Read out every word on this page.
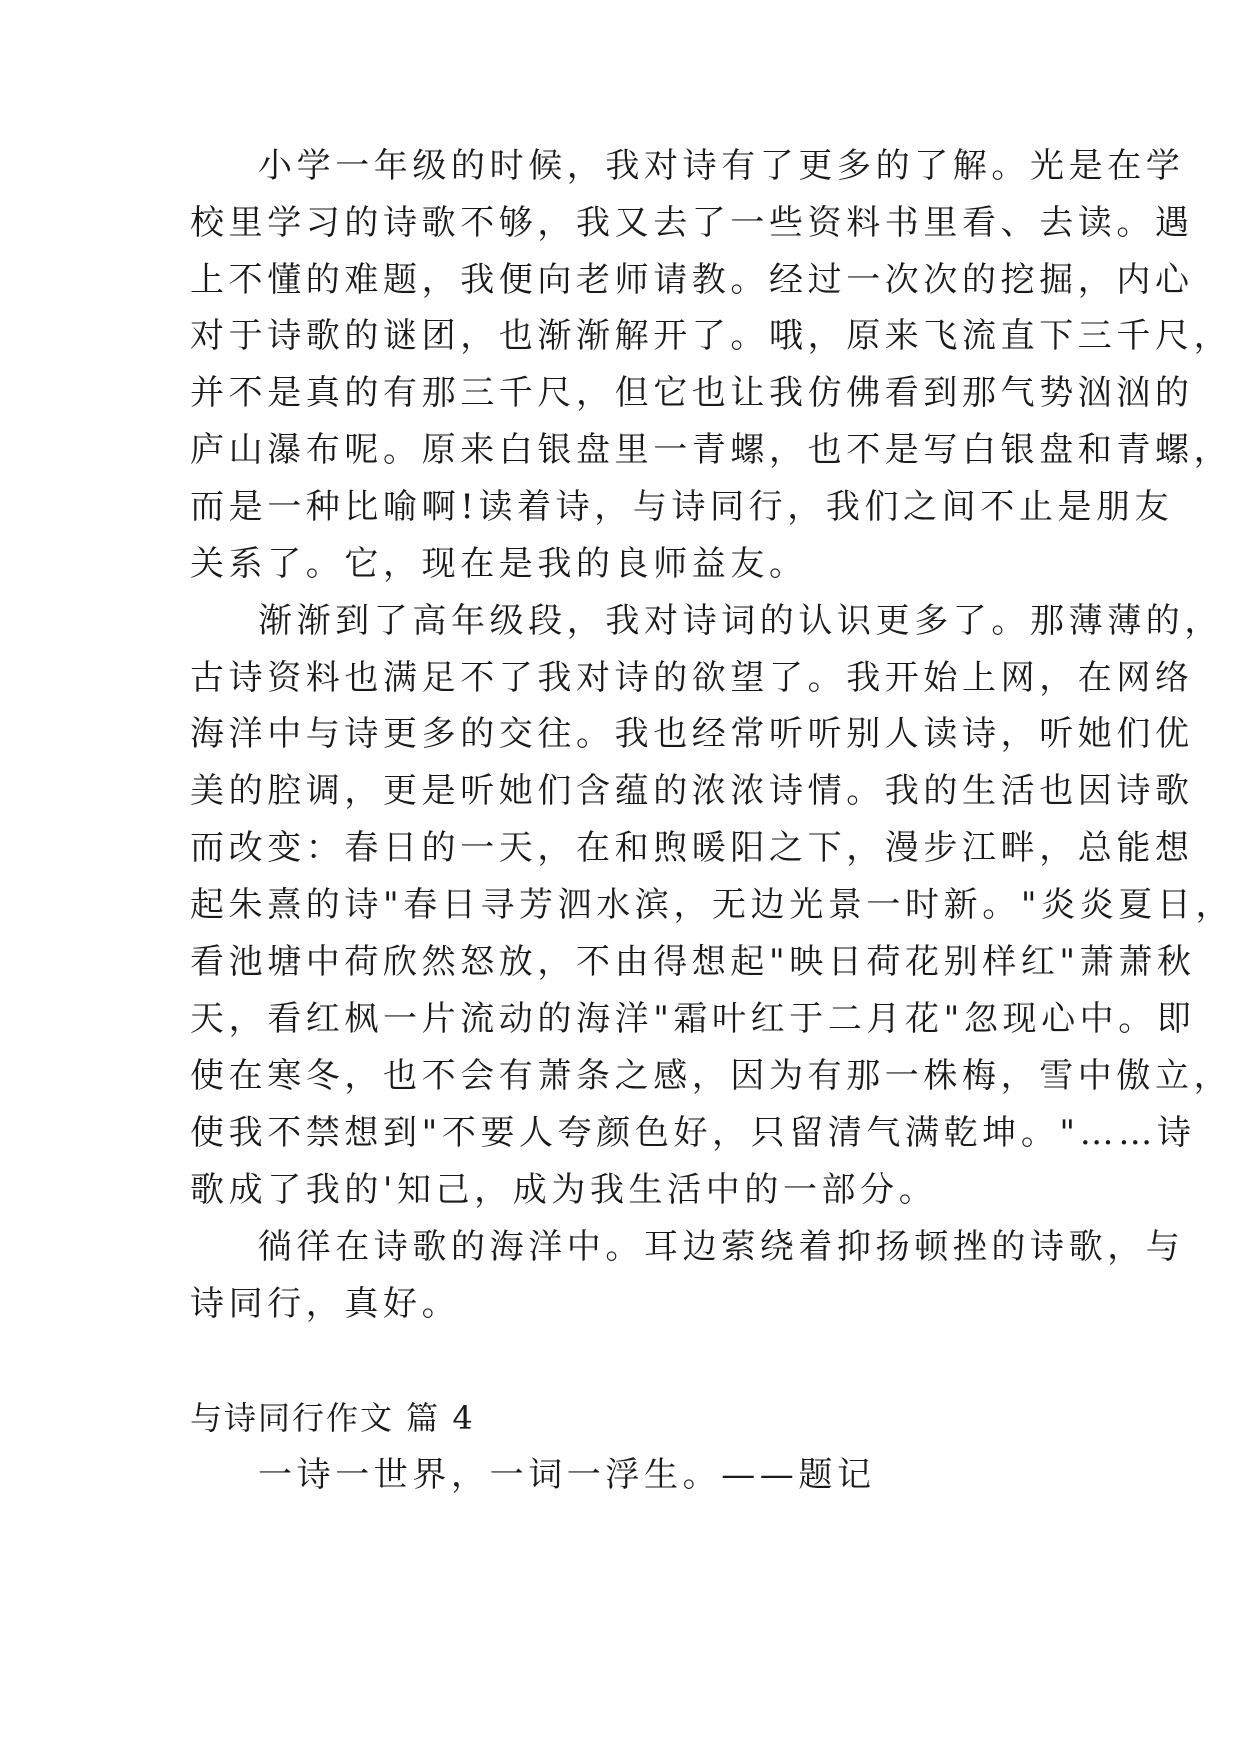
小学一年级的时候，我对诗有了更多的了解。光是在学
校里学习的诗歌不够，我又去了一些资料书里看、去读。遇
上不懂的难题，我便向老师请教。经过一次次的挖掘，内心
对于诗歌的谜团，也渐渐解开了。哦，原来飞流直下三千尺，
并不是真的有那三千尺，但它也让我仿佛看到那气势汹汹的
庐山瀑布呢。原来白银盘里一青螺，也不是写白银盘和青螺，
而是一种比喻啊!读着诗，与诗同行，我们之间不止是朋友
关系了。它，现在是我的良师益友。
渐渐到了高年级段，我对诗词的认识更多了。那薄薄的，
古诗资料也满足不了我对诗的欲望了。我开始上网，在网络
海洋中与诗更多的交往。我也经常听听别人读诗，听她们优
美的腔调，更是听她们含蕴的浓浓诗情。我的生活也因诗歌
而改变：春日的一天，在和煦暖阳之下，漫步江畔，总能想
起朱熹的诗"春日寻芳泗水滨，无边光景一时新。"炎炎夏日，
看池塘中荷欣然怒放，不由得想起"映日荷花别样红"萧萧秋
天，看红枫一片流动的海洋"霜叶红于二月花"忽现心中。即
使在寒冬，也不会有萧条之感，因为有那一株梅，雪中傲立，
使我不禁想到"不要人夸颜色好，只留清气满乾坤。"……诗
歌成了我的'知己，成为我生活中的一部分。
徜徉在诗歌的海洋中。耳边萦绕着抑扬顿挫的诗歌，与
诗同行，真好。
与诗同行作文 篇 4
一诗一世界，一词一浮生。——题记
